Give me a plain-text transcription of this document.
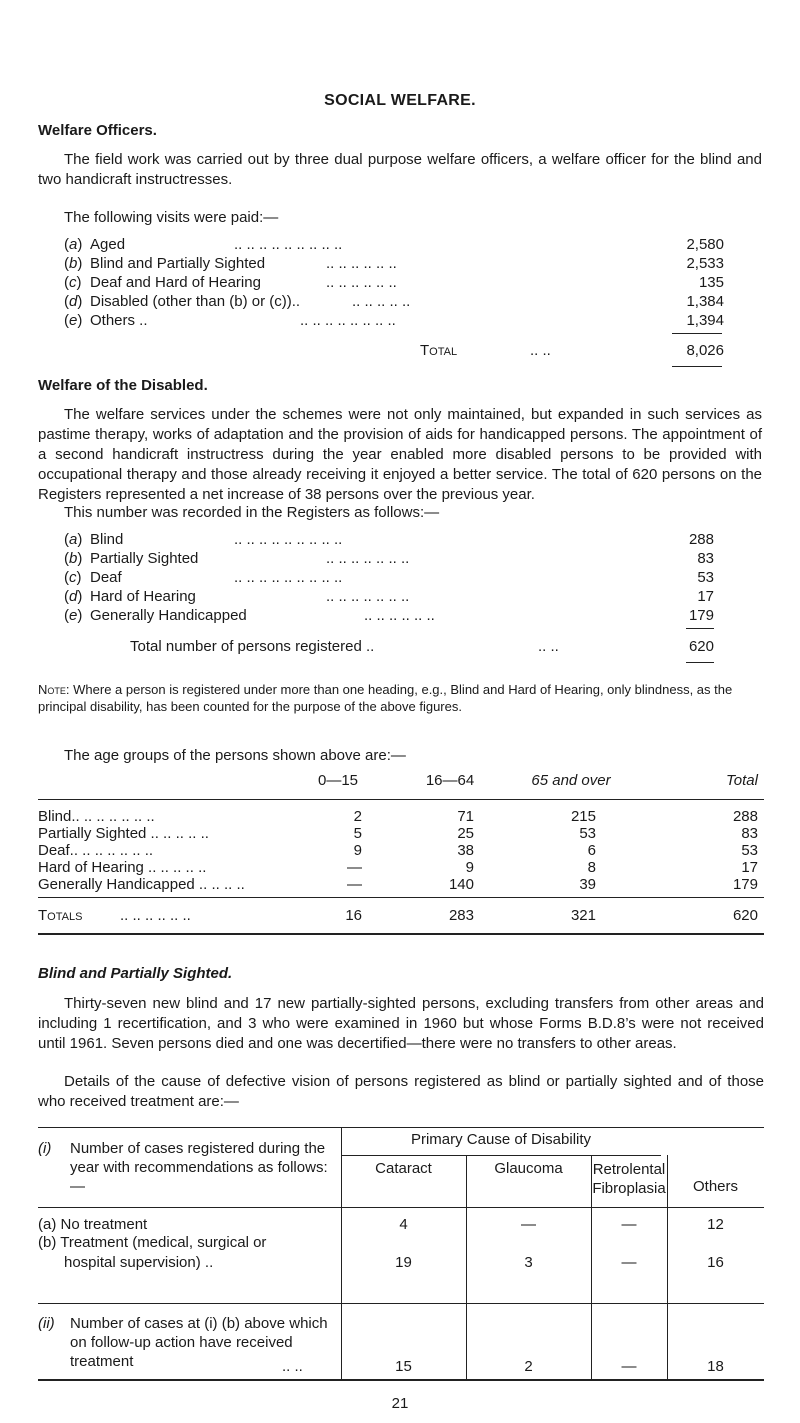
SOCIAL WELFARE.
Welfare Officers.
The field work was carried out by three dual purpose welfare officers, a welfare officer for the blind and two handicraft instructresses.
The following visits were paid:—
(a) Aged	.. .. .. .. .. .. .. .. ..	2,580
(b) Blind and Partially Sighted	.. .. .. .. .. ..	2,533
(c) Deaf and Hard of Hearing	.. .. .. .. .. ..	135
(d) Disabled (other than (b) or (c))..	.. .. .. .. ..	1,384
(e) Others ..	.. .. .. .. .. .. .. ..	1,394
Total	.. ..	8,026
Welfare of the Disabled.
The welfare services under the schemes were not only maintained, but expanded in such services as pastime therapy, works of adaptation and the provision of aids for handicapped persons. The appointment of a second handicraft instructress during the year enabled more disabled persons to be provided with occupational therapy and those already receiving it enjoyed a better service. The total of 620 persons on the Registers represented a net increase of 38 persons over the previous year.
This number was recorded in the Registers as follows:—
(a) Blind	.. .. .. .. .. .. .. .. ..	288
(b) Partially Sighted	.. .. .. .. .. .. ..	83
(c) Deaf	.. .. .. .. .. .. .. .. ..	53
(d) Hard of Hearing	.. .. .. .. .. .. ..	17
(e) Generally Handicapped	.. .. .. .. .. ..	179
Total number of persons registered ..	.. ..	620
Note: Where a person is registered under more than one heading, e.g., Blind and Hard of Hearing, only blindness, as the principal disability, has been counted for the purpose of the above figures.
The age groups of the persons shown above are:—
0—15	16—64	65 and over	Total
Blind.. .. .. .. .. .. ..	2	71	215	288
Partially Sighted .. .. .. .. ..	5	25	53	83
Deaf.. .. .. .. .. .. ..	9	38	6	53
Hard of Hearing .. .. .. .. ..	—	9	8	17
Generally Handicapped .. .. .. ..	—	140	39	179
Totals	.. .. .. .. .. ..	16	283	321	620
Blind and Partially Sighted.
Thirty-seven new blind and 17 new partially-sighted persons, excluding transfers from other areas and including 1 recertification, and 3 who were examined in 1960 but whose Forms B.D.8’s were not received until 1961. Seven persons died and one was decertified—there were no transfers to other areas.
Details of the cause of defective vision of persons registered as blind or partially sighted and of those who received treatment are:—
Primary Cause of Disability
(i) Number of cases registered during the year with recommendations as follows:—
Cataract	Glaucoma	Retrolental Fibroplasia	Others
(a) No treatment	4	—	—	12
(b) Treatment (medical, surgical or
hospital supervision) ..	19	3	—	16
(ii) Number of cases at (i) (b) above which on follow-up action have received treatment	.. ..	15	2	—	18
21
